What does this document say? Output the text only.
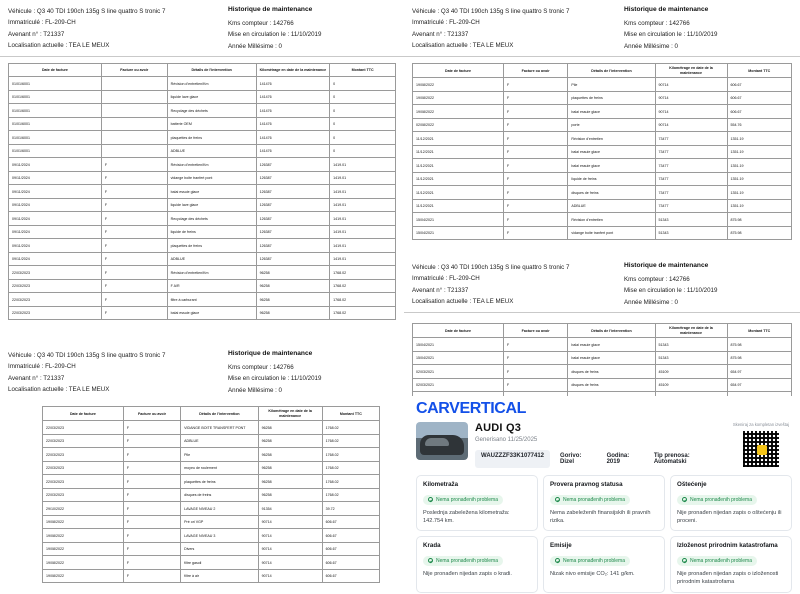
Véhicule : Q3 40 TDI 190ch 135g S line quattro S tronic 7
Immatriculé : FL-209-CH
Avenant n° : T21337
Localisation actuelle : TEA LE MEUX
Historique de maintenance
Kms compteur : 142766
Mise en circulation le : 11/10/2019
Année Millésime : 0
Date de facture	Facture ou avoir	Détails de l'intervention	Kilométrage en date de la maintenance	Montant TTC
01/01/6001		Révision d'entretien/Km	141476	0
01/01/6001		liquide lave glace	141476	0
01/01/6001		Recyclage des déchets	141476	0
01/01/6001		batterie OEM	141476	0
01/01/6001		plaquettes de freins	141476	0
01/01/6001		ADBLUE	141476	0
09/11/2024	F	Révision d'entretien/Km	126387	1419.01
09/11/2024	F	vidange boite tranfert pont	126387	1419.01
09/11/2024	F	balai essuie glace	126387	1419.01
09/11/2024	F	liquide lave glace	126387	1419.01
09/11/2024	F	Recyclage des déchets	126387	1419.01
09/11/2024	F	liquide de freins	126387	1419.01
09/11/2024	F	plaquettes de freins	126387	1419.01
09/11/2024	F	ADBLUE	126387	1419.01
22/03/2023	F	Révision d'entretien/Km	96258	1768.02
22/03/2023	F	F A/R	96258	1768.02
22/03/2023	F	filtre à carburant	96258	1768.02
22/03/2023	F	balai essuie glace	96258	1768.02
Véhicule : Q3 40 TDI 190ch 135g S line quattro S tronic 7
Immatriculé : FL-209-CH
Avenant n° : T21337
Localisation actuelle : TEA LE MEUX
Historique de maintenance
Kms compteur : 142766
Mise en circulation le : 11/10/2019
Année Millésime : 0
Date de facture	Facture ou avoir	Détails de l'intervention	Kilométrage en date de la maintenance	Montant TTC
19/08/2022	F	Pile	90714	606.67
19/08/2022	F	plaquettes de freins	90714	606.67
19/08/2022	F	balai essuie glace	90714	606.67
02/08/2022	F	porte	90714	554.76
11/12/2021	F	Révision d'entretien	73477	1351.19
11/12/2021	F	balai essuie glace	73477	1351.19
11/12/2021	F	balai essuie glace	73477	1351.19
11/12/2021	F	liquide de freins	73477	1351.19
11/12/2021	F	disques de freins	73477	1351.19
11/12/2021	F	ADBLUE	73477	1351.19
15/04/2021	F	Révision d'entretien	51343	875.98
15/04/2021	F	vidange boite tranfert pont	51343	875.98
Véhicule : Q3 40 TDI 190ch 135g S line quattro S tronic 7
Immatriculé : FL-209-CH
Avenant n° : T21337
Localisation actuelle : TEA LE MEUX
Historique de maintenance
Kms compteur : 142766
Mise en circulation le : 11/10/2019
Année Millésime : 0
Date de facture	Facture ou avoir	Détails de l'intervention	Kilométrage en date de la maintenance	Montant TTC
15/04/2021	F	balai essuie glace	51343	875.98
15/04/2021	F	balai essuie glace	51343	875.98
02/03/2021	F	disques de freins	45109	654.97
02/03/2021	F	disques de freins	45109	654.97

Véhicule : Q3 40 TDI 190ch 135g S line quattro S tronic 7
Immatriculé : FL-209-CH
Avenant n° : T21337
Localisation actuelle : TEA LE MEUX
Historique de maintenance
Kms compteur : 142766
Mise en circulation le : 11/10/2019
Année Millésime : 0
Date de facture	Facture ou avoir	Détails de l'intervention	Kilométrage en date de la maintenance	Montant TTC
22/03/2023	F	VIDANGE BOITE TRANSFERT PONT	96258	1768.02
22/03/2023	F	ADBLUE	96258	1768.02
22/03/2023	F	Pile	96258	1768.02
22/03/2023	F	moyeu de roulement	96258	1768.02
22/03/2023	F	plaquettes de freins	96258	1768.02
22/03/2023	F	disques de freins	96258	1768.02
29/10/2022	F	LAVAGE NIVEAU 2	91354	39.72
19/08/2022	F	Pré ori VGP	90714	606.67
19/08/2022	F	LAVAGE NIVEAU 3	90714	606.67
19/08/2022	F	Divers	90714	606.67
19/08/2022	F	filtre gasoil	90714	606.67
19/08/2022	F	filtre à air	90714	606.67
CARVERTICAL
AUDI Q3
Generisano 11/25/2025
WAUZZZF33K1077412	Gorivo: Dizel
Godina: 2019
Tip prenosa: Automatski
Skeniraj za kompletan izveštaj
Kilometraža
Nema pronađenih problema

Poslednja zabeležena kilometraža: 142.754 km.

Provera pravnog statusa
Nema pronađenih problema

Nema zabeleženih finansijskih ili pravnih rizika.

Oštećenje
Nema pronađenih problema

Nije pronađen nijedan zapis o oštećenju ili proceni.

Krada
Nema pronađenih problema

Nije pronađen nijedan zapis o kradi.

Emisije
Nema pronađenih problema

Nizak nivo emisije CO₂: 141 g/km.

Izloženost prirodnim katastrofama
Nema pronađenih problema

Nije pronađen nijedan zapis o izloženosti prirodnim katastrofama
